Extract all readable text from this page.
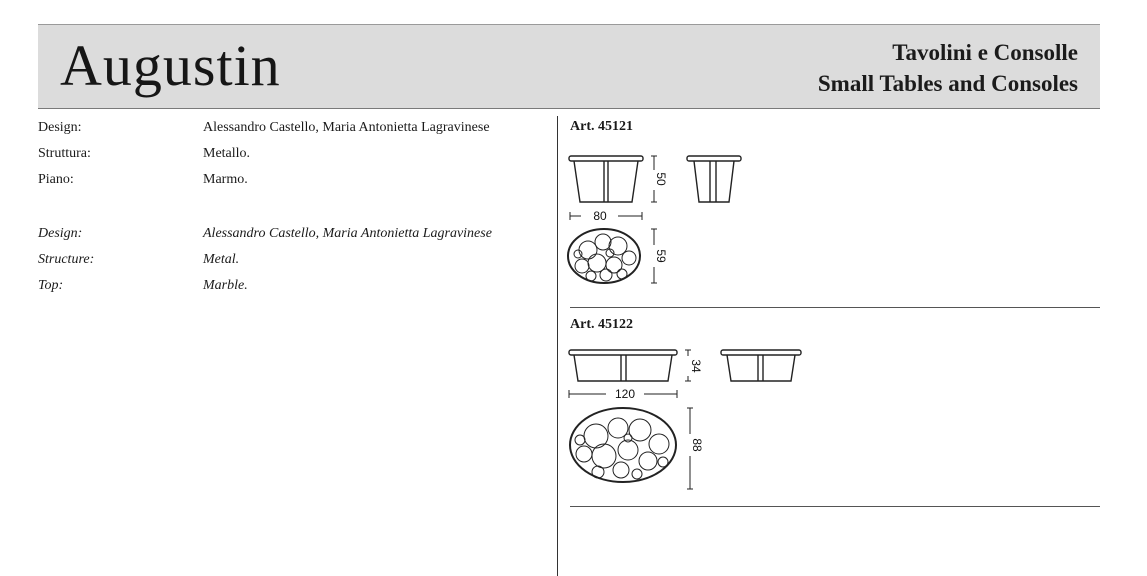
Augustin	Tavolini e Consolle
Small Tables and Consoles
Design:	Alessandro Castello, Maria Antonietta Lagravinese
Struttura:	Metallo.
Piano:	Marmo.
Design:	Alessandro Castello, Maria Antonietta Lagravinese
Structure:	Metal.
Top:	Marble.
Art. 45121
50
80
59
Art. 45122
34
120
88
